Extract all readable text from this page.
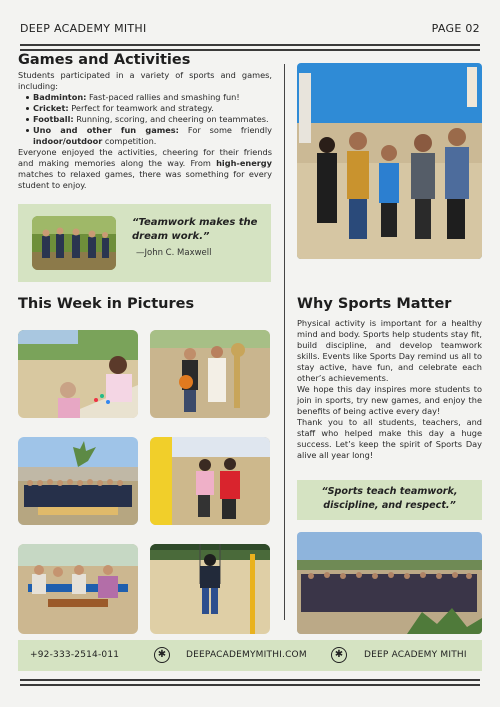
DEEP ACADEMY MITHI	PAGE 02
Games and Activities

Students participated in a variety of sports and games, including:

Badminton: Fast-paced rallies and smashing fun!
Cricket: Perfect for teamwork and strategy.
Football: Running, scoring, and cheering on teammates.
Uno and other fun games: For some friendly indoor/outdoor competition.

Everyone enjoyed the activities, cheering for their friends and making memories along the way. From high-energy matches to relaxed games, there was something for every student to enjoy.

“Teamwork makes the dream work.”
—John C. Maxwell
This Week in Pictures	Why Sports Matter

Physical activity is important for a healthy mind and body. Sports help students stay fit, build discipline, and develop teamwork skills. Events like Sports Day remind us all to stay active, have fun, and celebrate each other’s achievements.

We hope this day inspires more students to join in sports, try new games, and enjoy the benefits of being active every day!

Thank you to all students, teachers, and staff who helped make this day a huge success. Let’s keep the spirit of Sports Day alive all year long!

“Sports teach teamwork, discipline, and respect.”
+92-333-2514-011	✱	DEEPACADEMYMITHI.COM	✱	DEEP ACADEMY MITHI
